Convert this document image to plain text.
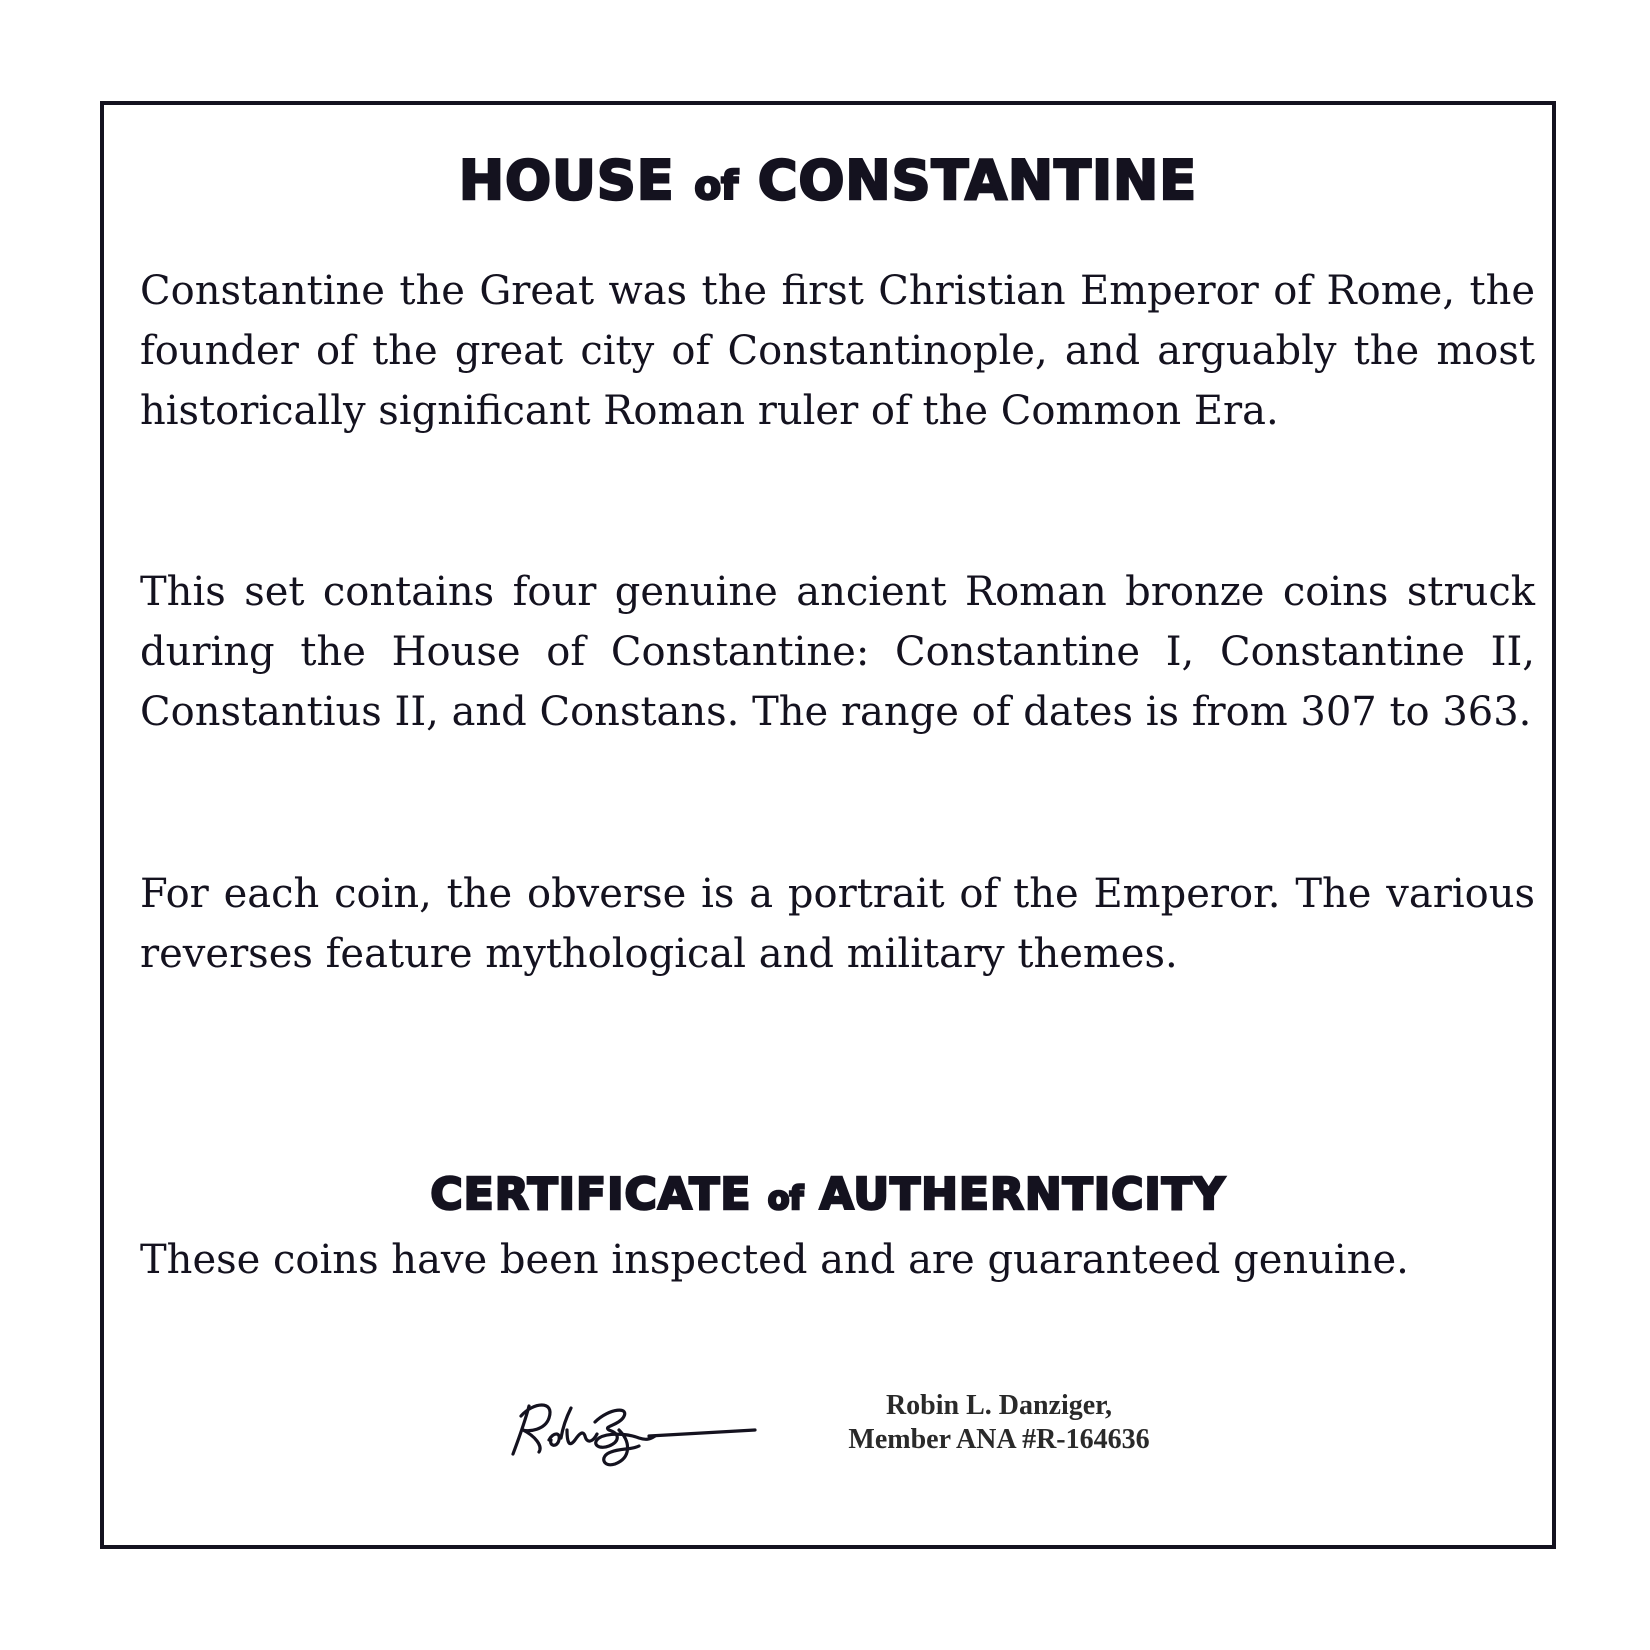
HOUSE of CONSTANTINE

Constantine the Great was the first Christian Emperor of Rome, the founder of the great city of Constantinople, and arguably the most historically significant Roman ruler of the Common Era.

This set contains four genuine ancient Roman bronze coins struck during the House of Constantine: Constantine I, Constantine II, Constantius II, and Constans. The range of dates is from 307 to 363.

For each coin, the obverse is a portrait of the Emperor. The various reverses feature mythological and military themes.

CERTIFICATE of AUTHERNTICITY

These coins have been inspected and are guaranteed genuine.

Robin L. Danziger,
Member ANA #R-164636
